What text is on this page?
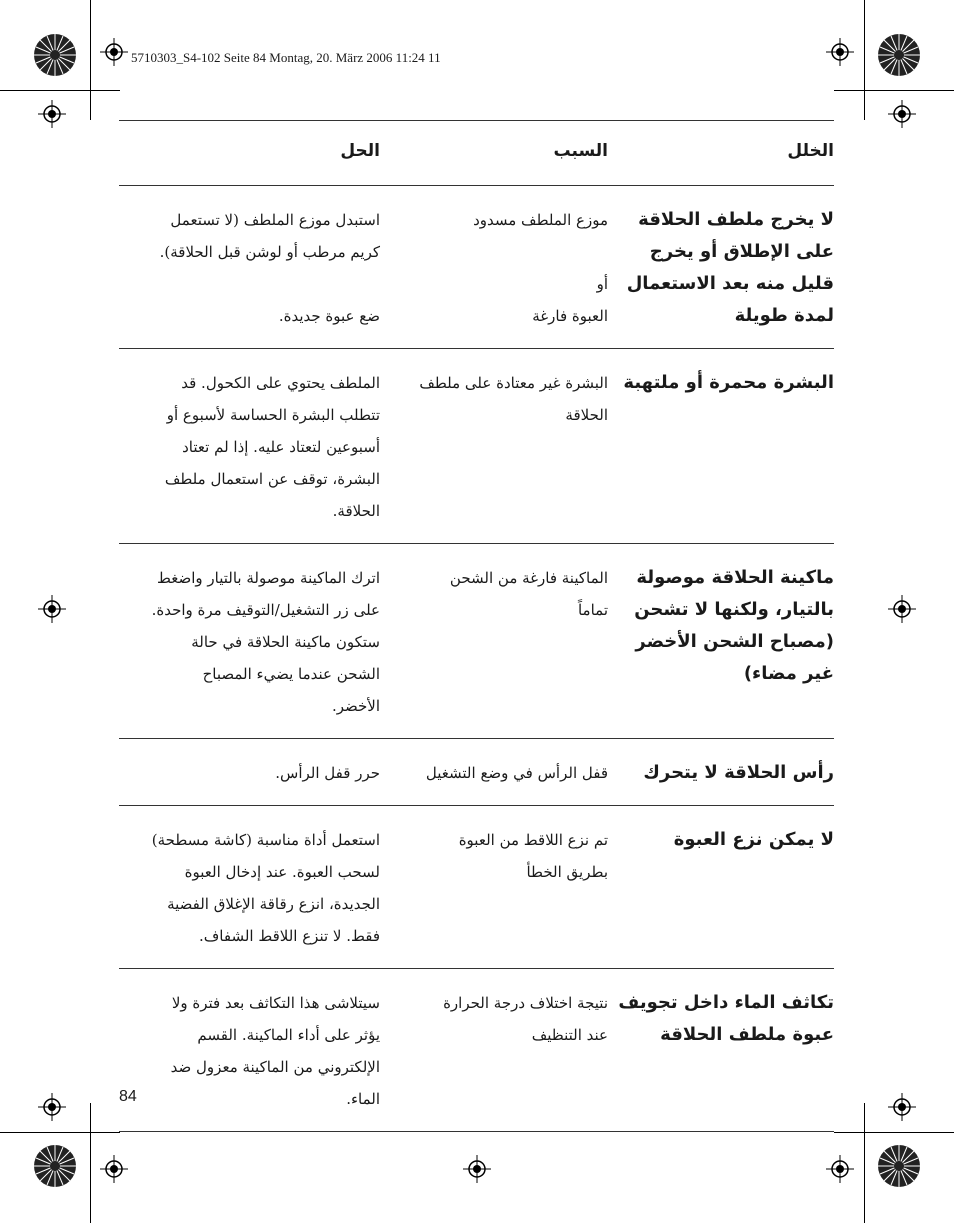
5710303_S4-102 Seite 84 Montag, 20. März 2006 11:24 11
الخلل
السبب
الحل
لا يخرج ملطف الحلاقة
على الإطلاق أو يخرج
قليل منه بعد الاستعمال
لمدة طويلة
موزع الملطف مسدود
أو
العبوة فارغة
استبدل موزع الملطف (لا تستعمل
كريم مرطب أو لوشن قبل الحلاقة).
ضع عبوة جديدة.
البشرة محمرة أو ملتهبة
البشرة غير معتادة على ملطف
الحلاقة
الملطف يحتوي على الكحول. قد
تتطلب البشرة الحساسة لأسبوع أو
أسبوعين لتعتاد عليه. إذا لم تعتاد
البشرة، توقف عن استعمال ملطف
الحلاقة.
ماكينة الحلاقة موصولة
بالتيار، ولكنها لا تشحن
(مصباح الشحن الأخضر
غير مضاء)
الماكينة فارغة من الشحن
تماماً
اترك الماكينة موصولة بالتيار واضغط
على زر التشغيل/التوقيف مرة واحدة.
ستكون ماكينة الحلاقة في حالة
الشحن عندما يضيء المصباح
الأخضر.
رأس الحلاقة لا يتحرك
قفل الرأس في وضع التشغيل
حرر قفل الرأس.
لا يمكن نزع العبوة
تم نزع اللاقط من العبوة
بطريق الخطأ
استعمل أداة مناسبة (كاشة مسطحة)
لسحب العبوة. عند إدخال العبوة
الجديدة، انزع رقاقة الإغلاق الفضية
فقط. لا تنزع اللاقط الشفاف.
تكاثف الماء داخل تجويف
عبوة ملطف الحلاقة
نتيجة اختلاف درجة الحرارة
عند التنظيف
سيتلاشى هذا التكاثف بعد فترة ولا
يؤثر على أداء الماكينة. القسم
الإلكتروني من الماكينة معزول ضد
الماء.
84
